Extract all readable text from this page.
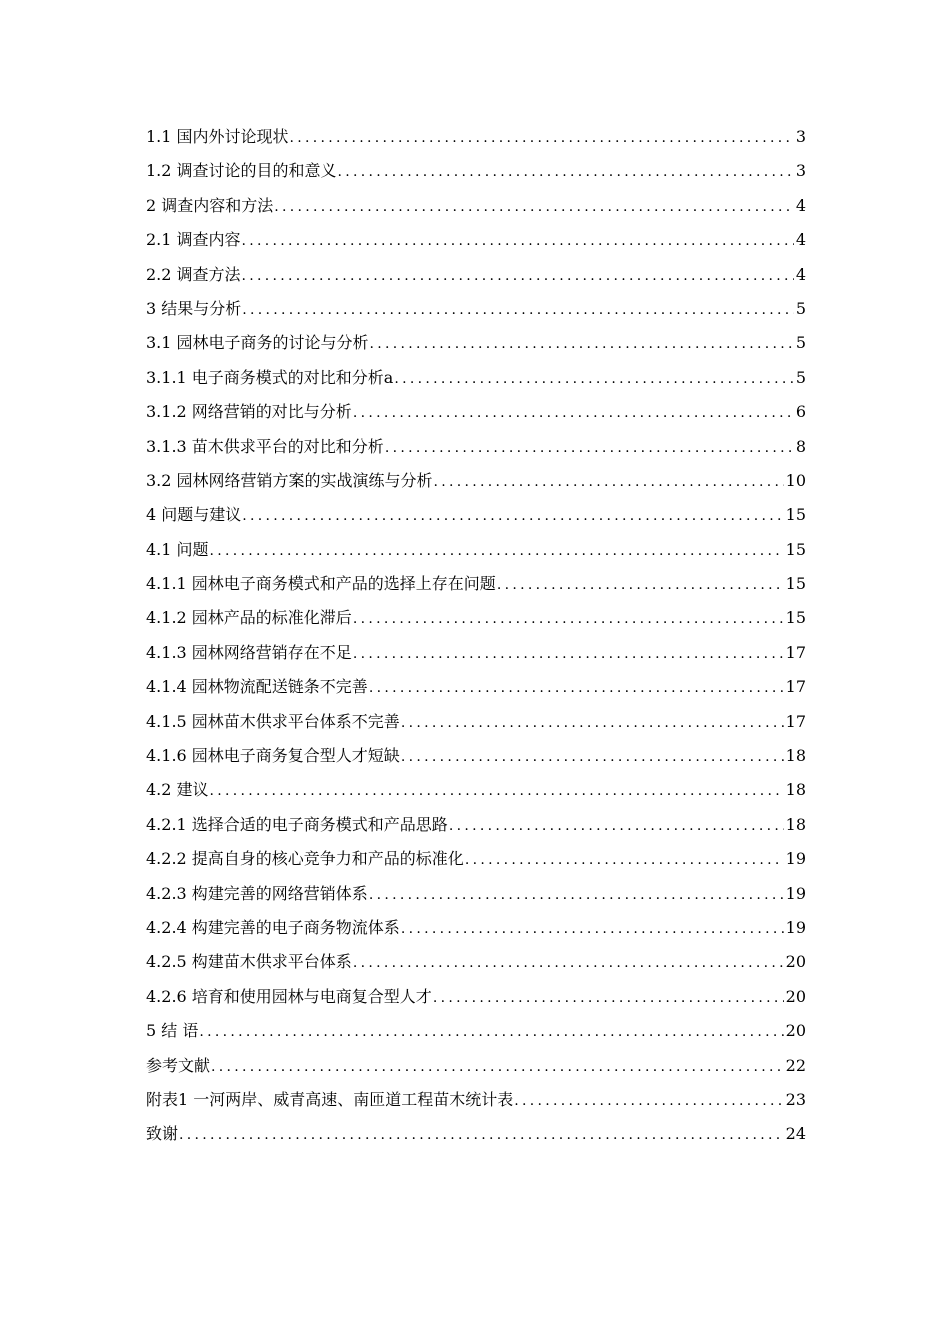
1.1 国内外讨论现状 .....	3
1.2 调查讨论的目的和意义 .....	3
2 调查内容和方法 .....	4
2.1 调查内容 .....	4
2.2 调查方法 .....	4
3 结果与分析 .....	5
3.1 园林电子商务的讨论与分析 .....	5
3.1.1 电子商务模式的对比和分析a .....	5
3.1.2 网络营销的对比与分析 .....	6
3.1.3 苗木供求平台的对比和分析 .....	8
3.2 园林网络营销方案的实战演练与分析 .....	10
4 问题与建议 .....	15
4.1 问题 .....	15
4.1.1 园林电子商务模式和产品的选择上存在问题 .....	15
4.1.2 园林产品的标准化滞后 .....	15
4.1.3 园林网络营销存在不足 .....	17
4.1.4 园林物流配送链条不完善 .....	17
4.1.5 园林苗木供求平台体系不完善 .....	17
4.1.6 园林电子商务复合型人才短缺 .....	18
4.2 建议 .....	18
4.2.1 选择合适的电子商务模式和产品思路 .....	18
4.2.2 提高自身的核心竞争力和产品的标准化 .....	19
4.2.3 构建完善的网络营销体系 .....	19
4.2.4 构建完善的电子商务物流体系 .....	19
4.2.5 构建苗木供求平台体系 .....	20
4.2.6 培育和使用园林与电商复合型人才 .....	20
5 结 语 .....	20
参考文献 .....	22
附表1 一河两岸、威青高速、南匝道工程苗木统计表 .....	23
致谢 .....	24
